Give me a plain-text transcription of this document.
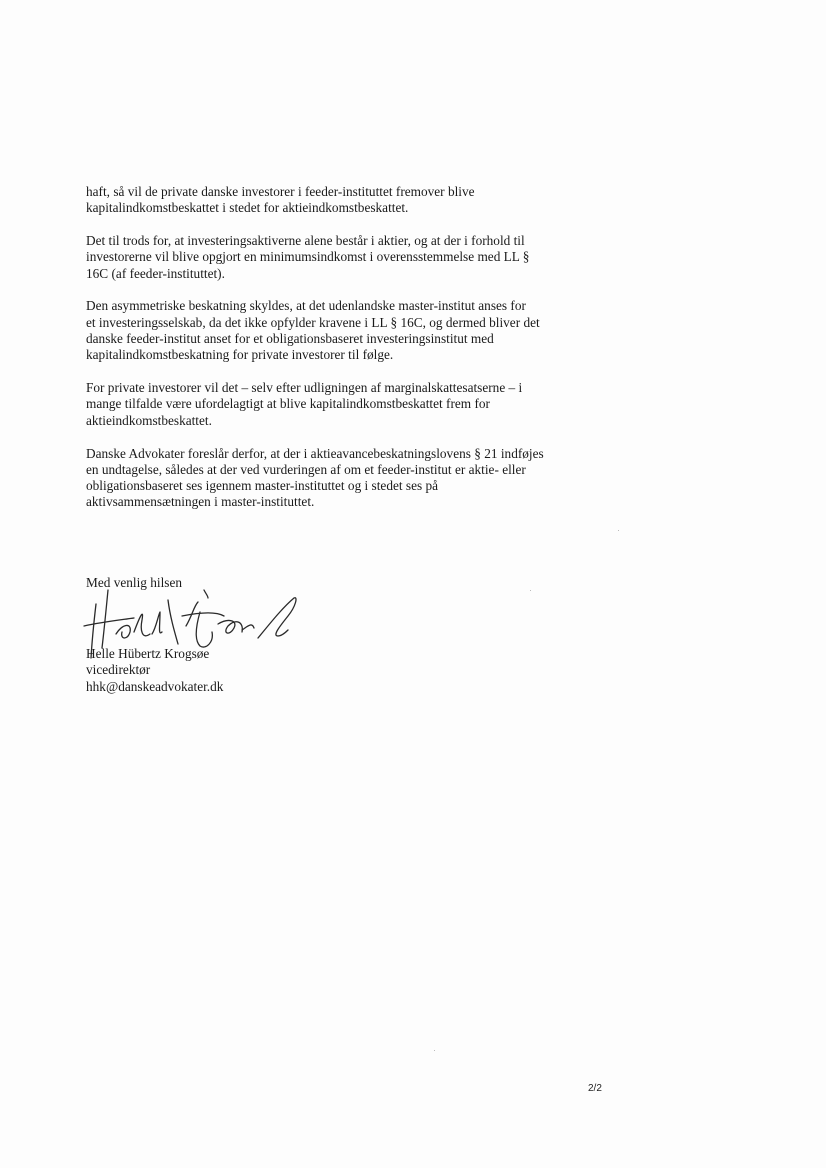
haft, så vil de private danske investorer i feeder-instituttet fremover blive
kapitalindkomstbeskattet i stedet for aktieindkomstbeskattet.

Det til trods for, at investeringsaktiverne alene består i aktier, og at der i forhold til
investorerne vil blive opgjort en minimumsindkomst i overensstemmelse med LL §
16C (af feeder-instituttet).

Den asymmetriske beskatning skyldes, at det udenlandske master-institut anses for
et investeringsselskab, da det ikke opfylder kravene i LL § 16C, og dermed bliver det
danske feeder-institut anset for et obligationsbaseret investeringsinstitut med
kapitalindkomstbeskatning for private investorer til følge.

For private investorer vil det – selv efter udligningen af marginalskattesatserne – i
mange tilfalde være ufordelagtigt at blive kapitalindkomstbeskattet frem for
aktieindkomstbeskattet.

Danske Advokater foreslår derfor, at der i aktieavancebeskatningslovens § 21 indføjes
en undtagelse, således at der ved vurderingen af om et feeder-institut er aktie- eller
obligationsbaseret ses igennem master-instituttet og i stedet ses på
aktivsammensætningen i master-instituttet.

Med venlig hilsen

Helle Hübertz Krogsøe
vicedirektør
hhk@danskeadvokater.dk
2/2
